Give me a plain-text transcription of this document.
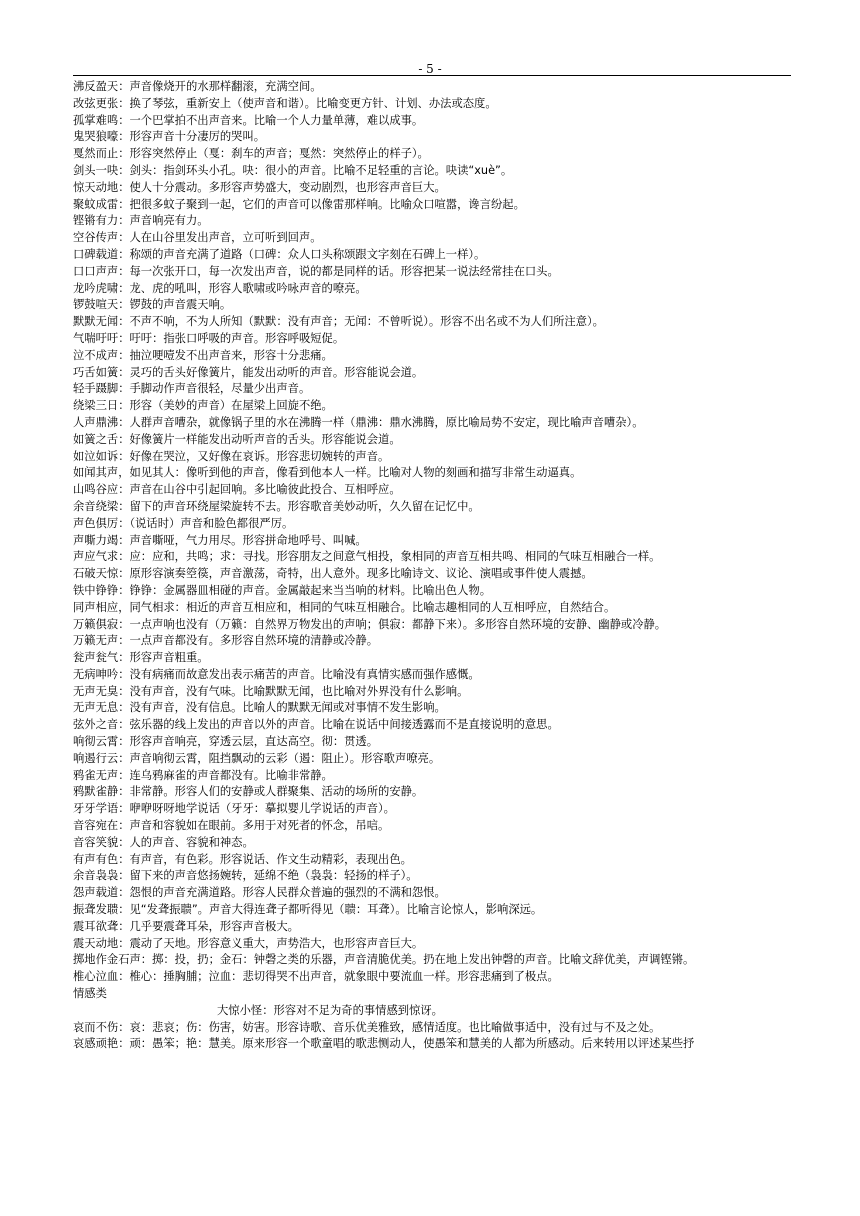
- 5 -
沸反盈天：声音像烧开的水那样翻滚，充满空间。
改弦更张：换了琴弦，重新安上（使声音和谐）。比喻变更方针、计划、办法或态度。
孤掌难鸣：一个巴掌拍不出声音来。比喻一个人力量单薄，难以成事。
鬼哭狼嚎：形容声音十分凄厉的哭叫。
戛然而止：形容突然停止（戛：刹车的声音；戛然：突然停止的样子）。
剑头一吷：剑头：指剑环头小孔。吷：很小的声音。比喻不足轻重的言论。吷读“xuè”。
惊天动地：使人十分震动。多形容声势盛大，变动剧烈，也形容声音巨大。
聚蚊成雷：把很多蚊子聚到一起，它们的声音可以像雷那样响。比喻众口喧嚣，谗言纷起。
铿锵有力：声音响亮有力。
空谷传声：人在山谷里发出声音，立可听到回声。
口碑载道：称颂的声音充满了道路（口碑：众人口头称颂跟文字刻在石碑上一样）。
口口声声：每一次张开口，每一次发出声音，说的都是同样的话。形容把某一说法经常挂在口头。
龙吟虎啸：龙、虎的吼叫，形容人歌啸或吟咏声音的嘹亮。
锣鼓喧天：锣鼓的声音震天响。
默默无闻：不声不响，不为人所知（默默：没有声音；无闻：不曾听说）。形容不出名或不为人们所注意）。
气喘吁吁：吁吁：指张口呼吸的声音。形容呼吸短促。
泣不成声：抽泣哽噎发不出声音来，形容十分悲痛。
巧舌如簧：灵巧的舌头好像簧片，能发出动听的声音。形容能说会道。
轻手蹑脚：手脚动作声音很轻，尽量少出声音。
绕梁三日：形容（美妙的声音）在屋梁上回旋不绝。
人声鼎沸：人群声音嘈杂，就像锅子里的水在沸腾一样（鼎沸：鼎水沸腾，原比喻局势不安定，现比喻声音嘈杂）。
如簧之舌：好像簧片一样能发出动听声音的舌头。形容能说会道。
如泣如诉：好像在哭泣，又好像在哀诉。形容悲切婉转的声音。
如闻其声，如见其人：像听到他的声音，像看到他本人一样。比喻对人物的刻画和描写非常生动逼真。
山鸣谷应：声音在山谷中引起回响。多比喻彼此投合、互相呼应。
余音绕梁：留下的声音环绕屋梁旋转不去。形容歌音美妙动听，久久留在记忆中。
声色俱厉：（说话时）声音和脸色都很严厉。
声嘶力竭：声音嘶哑，气力用尽。形容拼命地呼号、叫喊。
声应气求：应：应和，共鸣；求：寻找。形容朋友之间意气相投，象相同的声音互相共鸣、相同的气味互相融合一样。
石破天惊：原形容演奏箜篌，声音激荡，奇特，出人意外。现多比喻诗文、议论、演唱或事件使人震撼。
铁中铮铮：铮铮：金属器皿相碰的声音。金属敲起来当当响的材料。比喻出色人物。
同声相应，同气相求：相近的声音互相应和，相同的气味互相融合。比喻志趣相同的人互相呼应，自然结合。
万籁俱寂：一点声响也没有（万籁：自然界万物发出的声响；俱寂：都静下来）。多形容自然环境的安静、幽静或冷静。
万籁无声：一点声音都没有。多形容自然环境的清静或冷静。
瓮声瓮气：形容声音粗重。
无病呻吟：没有病痛而故意发出表示痛苦的声音。比喻没有真情实感而强作感慨。
无声无臭：没有声音，没有气味。比喻默默无闻，也比喻对外界没有什么影响。
无声无息：没有声音，没有信息。比喻人的默默无闻或对事情不发生影响。
弦外之音：弦乐器的线上发出的声音以外的声音。比喻在说话中间接透露而不是直接说明的意思。
响彻云霄：形容声音响亮，穿透云层，直达高空。彻：贯透。
响遏行云：声音响彻云霄，阻挡飘动的云彩（遏：阻止）。形容歌声嘹亮。
鸦雀无声：连乌鸦麻雀的声音都没有。比喻非常静。
鸦默雀静：非常静。形容人们的安静或人群聚集、活动的场所的安静。
牙牙学语：咿咿呀呀地学说话（牙牙：摹拟婴儿学说话的声音）。
音容宛在：声音和容貌如在眼前。多用于对死者的怀念，吊唁。
音容笑貌：人的声音、容貌和神态。
有声有色：有声音，有色彩。形容说话、作文生动精彩，表现出色。
余音袅袅：留下来的声音悠扬婉转，延绵不绝（袅袅：轻扬的样子）。
怨声载道：怨恨的声音充满道路。形容人民群众普遍的强烈的不满和怨恨。
振聋发聩：见“发聋振聩”。声音大得连聋子都听得见（聩：耳聋）。比喻言论惊人，影响深远。
震耳欲聋：几乎要震聋耳朵，形容声音极大。
震天动地：震动了天地。形容意义重大，声势浩大，也形容声音巨大。
掷地作金石声：掷：投，扔；金石：钟磬之类的乐器，声音清脆优美。扔在地上发出钟磬的声音。比喻文辞优美，声调铿锵。
椎心泣血：椎心：捶胸脯；泣血：悲切得哭不出声音，就象眼中要流血一样。形容悲痛到了极点。
情感类
大惊小怪：形容对不足为奇的事情感到惊讶。
哀而不伤：哀：悲哀；伤：伤害，妨害。形容诗歌、音乐优美雅致，感情适度。也比喻做事适中，没有过与不及之处。
哀感顽艳：顽：愚笨；艳：慧美。原来形容一个歌童唱的歌悲恻动人，使愚笨和慧美的人都为所感动。后来转用以评述某些抒
